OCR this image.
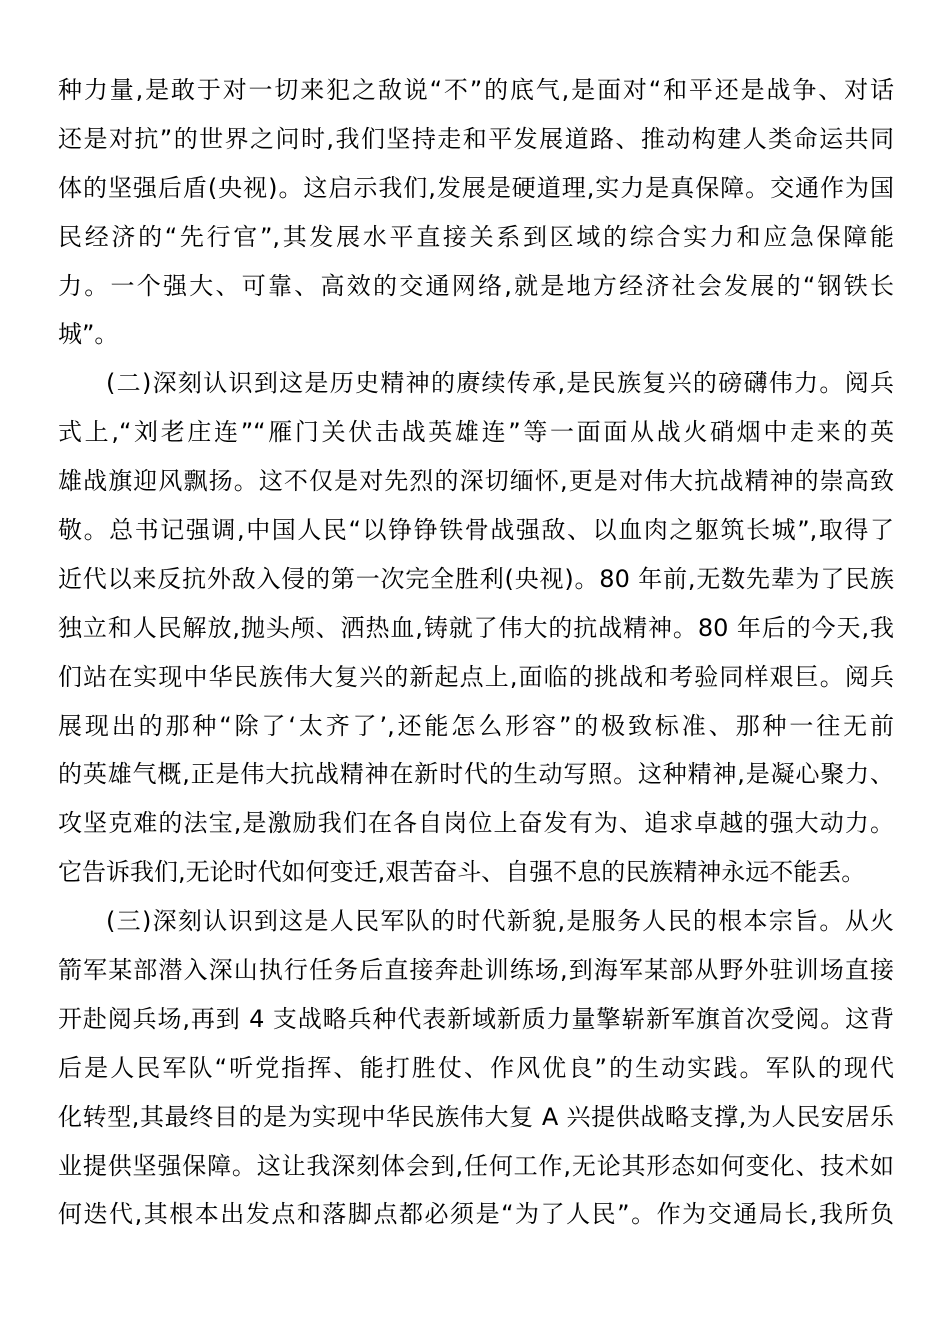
种力量,是敢于对一切来犯之敌说“不”的底气,是面对“和平还是战争、对话
还是对抗”的世界之问时,我们坚持走和平发展道路、推动构建人类命运共同
体的坚强后盾(央视)。这启示我们,发展是硬道理,实力是真保障。交通作为国
民经济的“先行官”,其发展水平直接关系到区域的综合实力和应急保障能
力。一个强大、可靠、高效的交通网络,就是地方经济社会发展的“钢铁长
城”。
(二)深刻认识到这是历史精神的赓续传承,是民族复兴的磅礴伟力。阅兵
式上,“刘老庄连”“雁门关伏击战英雄连”等一面面从战火硝烟中走来的英
雄战旗迎风飘扬。这不仅是对先烈的深切缅怀,更是对伟大抗战精神的崇高致
敬。总书记强调,中国人民“以铮铮铁骨战强敌、以血肉之躯筑长城”,取得了
近代以来反抗外敌入侵的第一次完全胜利(央视)。80 年前,无数先辈为了民族
独立和人民解放,抛头颅、洒热血,铸就了伟大的抗战精神。80 年后的今天,我
们站在实现中华民族伟大复兴的新起点上,面临的挑战和考验同样艰巨。阅兵
展现出的那种“除了‘太齐了’,还能怎么形容”的极致标准、那种一往无前
的英雄气概,正是伟大抗战精神在新时代的生动写照。这种精神,是凝心聚力、
攻坚克难的法宝,是激励我们在各自岗位上奋发有为、追求卓越的强大动力。
它告诉我们,无论时代如何变迁,艰苦奋斗、自强不息的民族精神永远不能丢。
(三)深刻认识到这是人民军队的时代新貌,是服务人民的根本宗旨。从火
箭军某部潜入深山执行任务后直接奔赴训练场,到海军某部从野外驻训场直接
开赴阅兵场,再到 4 支战略兵种代表新域新质力量擎崭新军旗首次受阅。这背
后是人民军队“听党指挥、能打胜仗、作风优良”的生动实践。军队的现代
化转型,其最终目的是为实现中华民族伟大复 A 兴提供战略支撑,为人民安居乐
业提供坚强保障。这让我深刻体会到,任何工作,无论其形态如何变化、技术如
何迭代,其根本出发点和落脚点都必须是“为了人民”。作为交通局长,我所负
